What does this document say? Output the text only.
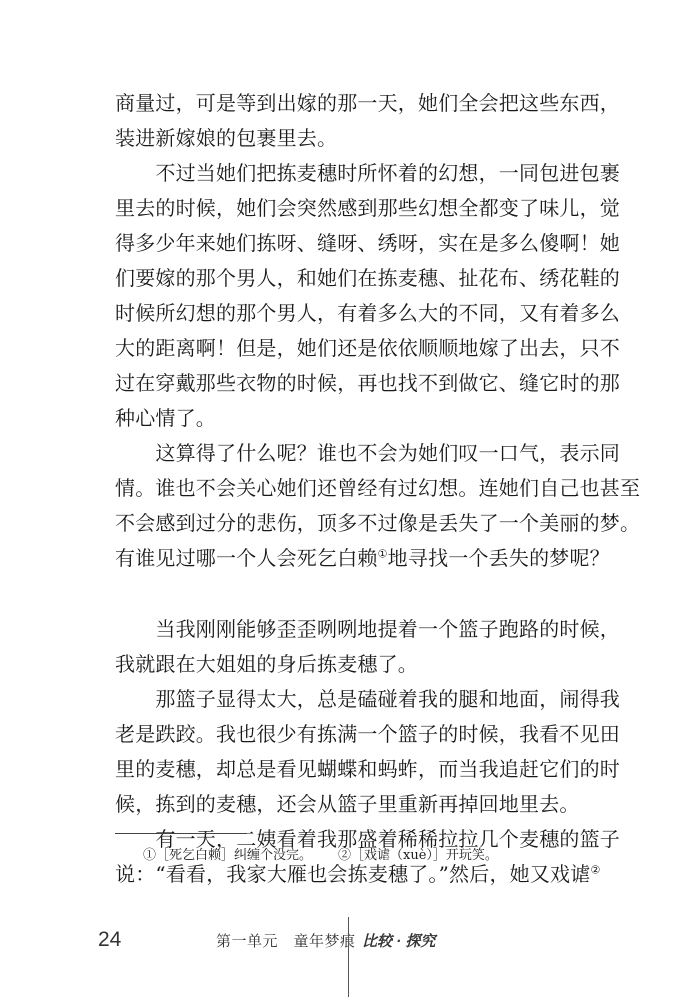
商量过，可是等到出嫁的那一天，她们全会把这些东西，
装进新嫁娘的包裹里去。
　　不过当她们把拣麦穗时所怀着的幻想，一同包进包裹
里去的时候，她们会突然感到那些幻想全都变了味儿，觉
得多少年来她们拣呀、缝呀、绣呀，实在是多么傻啊！她
们要嫁的那个男人，和她们在拣麦穗、扯花布、绣花鞋的
时候所幻想的那个男人，有着多么大的不同，又有着多么
大的距离啊！但是，她们还是依依顺顺地嫁了出去，只不
过在穿戴那些衣物的时候，再也找不到做它、缝它时的那
种心情了。
　　这算得了什么呢？谁也不会为她们叹一口气，表示同
情。谁也不会关心她们还曾经有过幻想。连她们自己也甚至
不会感到过分的悲伤，顶多不过像是丢失了一个美丽的梦。
有谁见过哪一个人会死乞白赖①地寻找一个丢失的梦呢？
　　当我刚刚能够歪歪咧咧地提着一个篮子跑路的时候，
我就跟在大姐姐的身后拣麦穗了。
　　那篮子显得太大，总是磕碰着我的腿和地面，闹得我
老是跌跤。我也很少有拣满一个篮子的时候，我看不见田
里的麦穗，却总是看见蝴蝶和蚂蚱，而当我追赶它们的时
候，拣到的麦穗，还会从篮子里重新再掉回地里去。
　　有一天，二姨看着我那盛着稀稀拉拉几个麦穗的篮子
说：“看看，我家大雁也会拣麦穗了。”然后，她又戏谑②
①［死乞白赖］纠缠个没完。 ②［戏谑（xuè）］开玩笑。
24	第一单元　童年梦痕 比较 · 探究
